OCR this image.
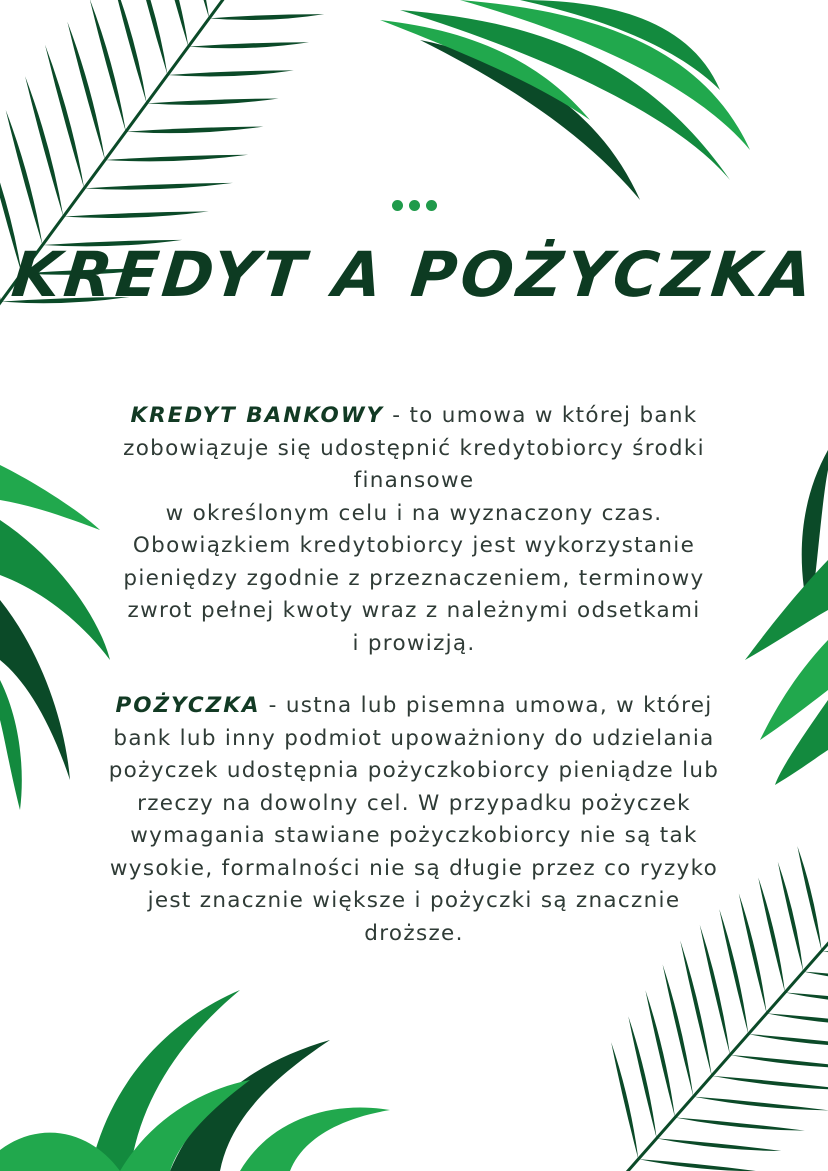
KREDYT A POŻYCZKA

KREDYT BANKOWY - to umowa w której bank

zobowiązuje się udostępnić kredytobiorcy środki

finansowe

w określonym celu i na wyznaczony czas.

Obowiązkiem kredytobiorcy jest wykorzystanie

pieniędzy zgodnie z przeznaczeniem, terminowy

zwrot pełnej kwoty wraz z należnymi odsetkami

i prowizją.

POŻYCZKA - ustna lub pisemna umowa, w której

bank lub inny podmiot upoważniony do udzielania

pożyczek udostępnia pożyczkobiorcy pieniądze lub

rzeczy na dowolny cel. W przypadku pożyczek

wymagania stawiane pożyczkobiorcy nie są tak

wysokie, formalności nie są długie przez co ryzyko

jest znacznie większe i pożyczki są znacznie

droższe.
